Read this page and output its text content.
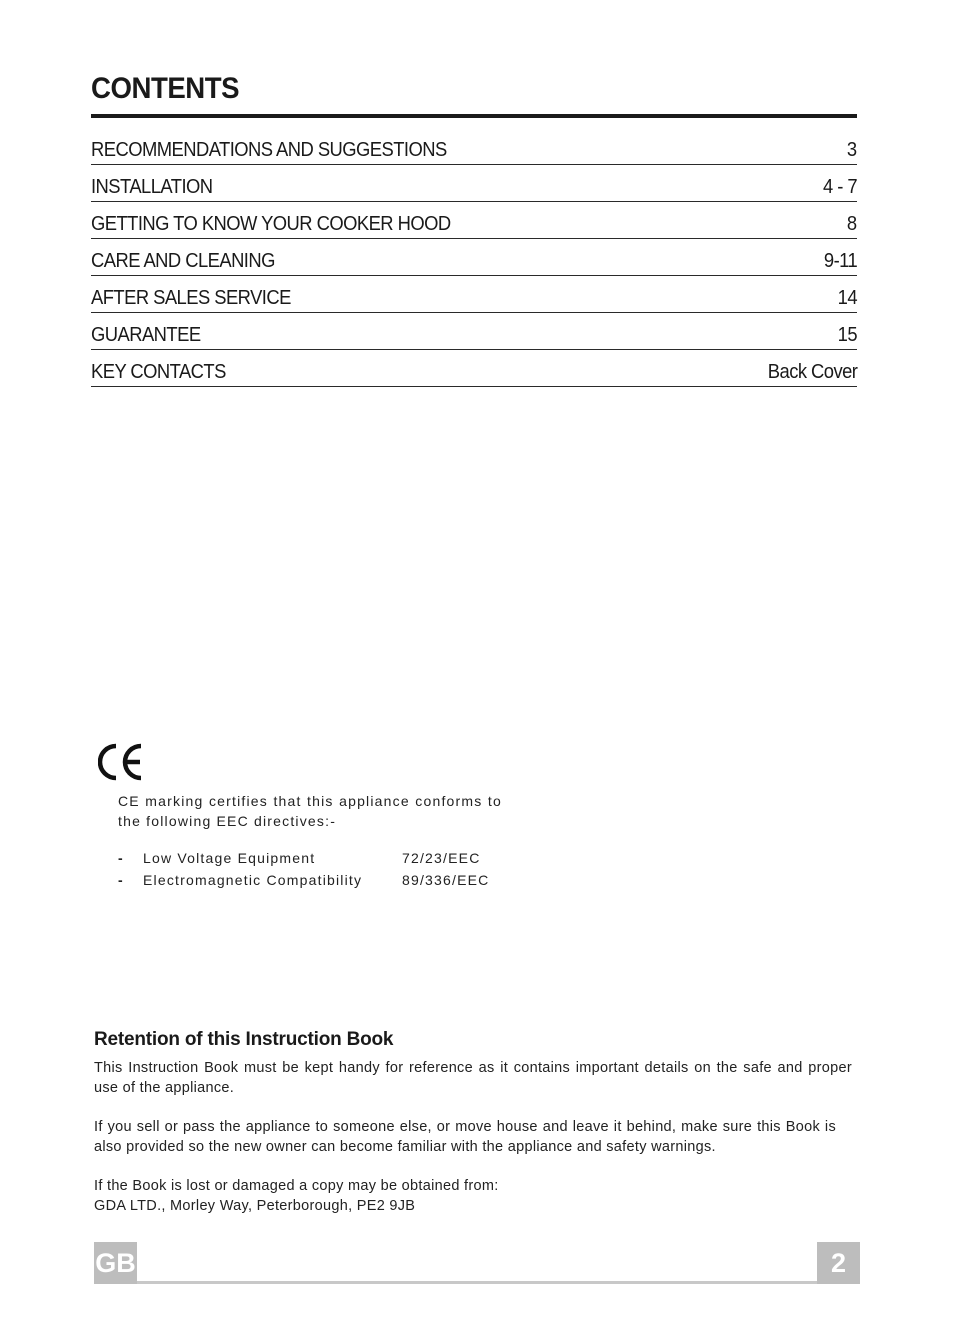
CONTENTS
RECOMMENDATIONS AND SUGGESTIONS	3
INSTALLATION	4 - 7
GETTING TO KNOW YOUR COOKER HOOD	8
CARE AND CLEANING	9-11
AFTER SALES SERVICE	14
GUARANTEE	15
KEY CONTACTS	Back Cover
CE marking certifies that this appliance conforms to the following EEC directives:-
- Low Voltage Equipment	72/23/EEC
- Electromagnetic Compatibility	89/336/EEC
Retention of this Instruction Book
This Instruction Book must be kept handy for reference as it contains important details on the safe and proper use of the appliance.
If you sell or pass the appliance to someone else, or move house and leave it behind, make sure this Book is also provided so the new owner can become familiar with the appliance and safety warnings.
If the Book is lost or damaged a copy may be obtained from:
GDA LTD., Morley Way, Peterborough, PE2 9JB
GB	2
